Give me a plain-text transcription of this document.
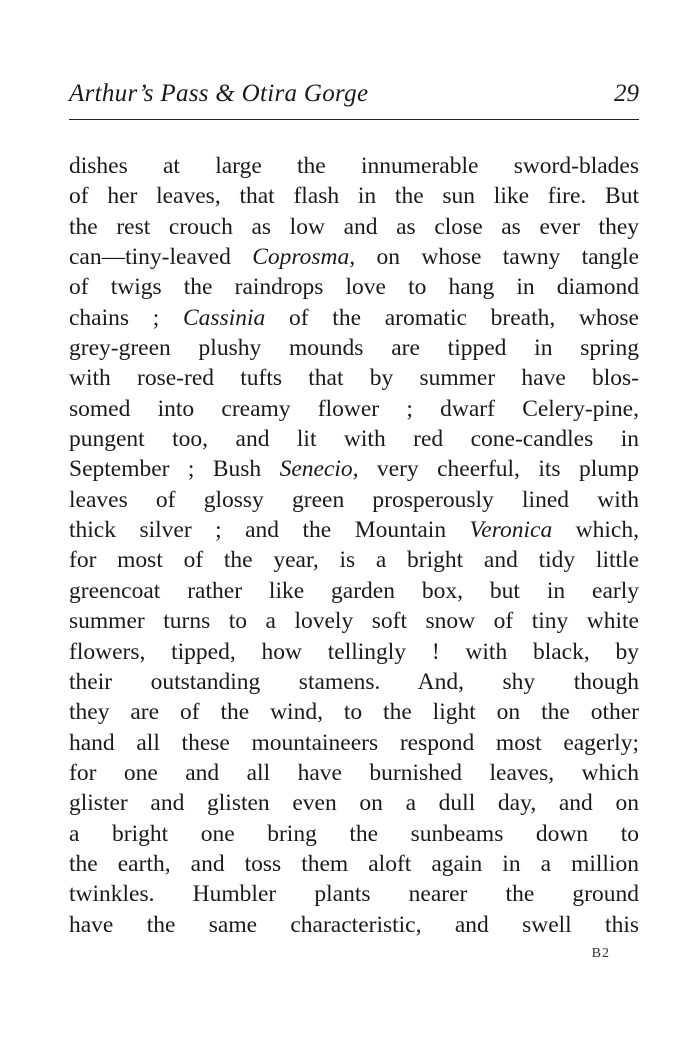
Arthur’s Pass & Otira Gorge	29
dishes at large the innumerable sword-blades
of her leaves, that flash in the sun like fire. But
the rest crouch as low and as close as ever they
can—tiny-leaved Coprosma, on whose tawny tangle
of twigs the raindrops love to hang in diamond
chains ; Cassinia of the aromatic breath, whose
grey-green plushy mounds are tipped in spring
with rose-red tufts that by summer have blos-
somed into creamy flower ; dwarf Celery-pine,
pungent too, and lit with red cone-candles in
September ; Bush Senecio, very cheerful, its plump
leaves of glossy green prosperously lined with
thick silver ; and the Mountain Veronica which,
for most of the year, is a bright and tidy little
greencoat rather like garden box, but in early
summer turns to a lovely soft snow of tiny white
flowers, tipped, how tellingly ! with black, by
their outstanding stamens. And, shy though
they are of the wind, to the light on the other
hand all these mountaineers respond most eagerly;
for one and all have burnished leaves, which
glister and glisten even on a dull day, and on
a bright one bring the sunbeams down to
the earth, and toss them aloft again in a million
twinkles. Humbler plants nearer the ground
have the same characteristic, and swell this
B2
